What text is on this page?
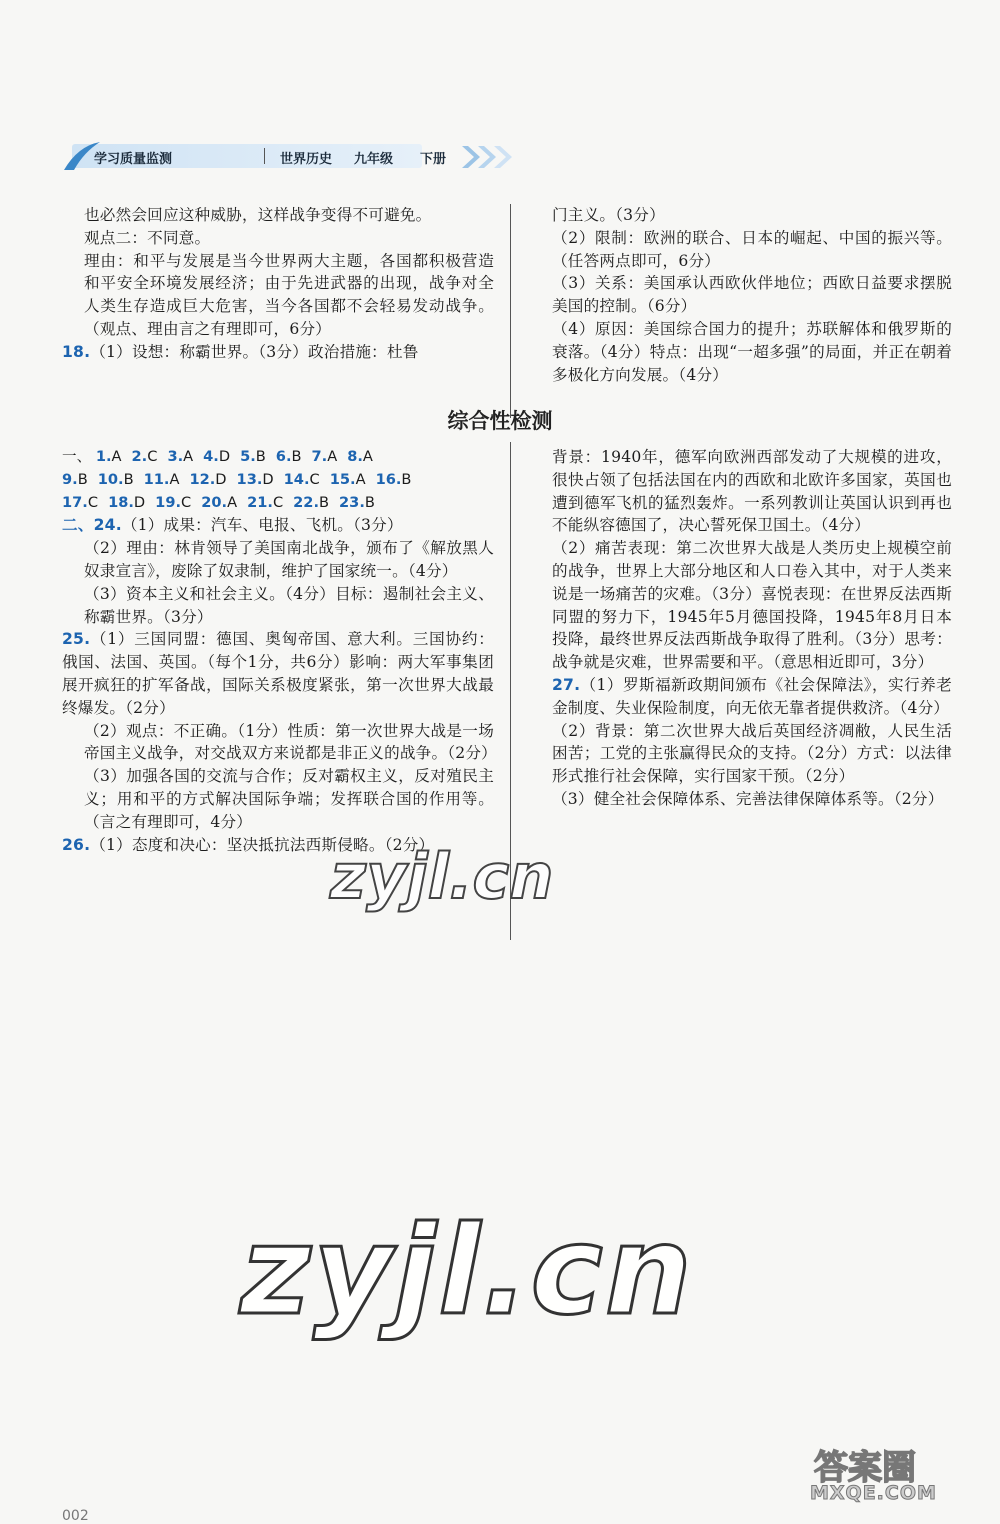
学习质量监测	世界历史 九年级 下册
也必然会回应这种威胁，这样战争变得不可避免。
观点二：不同意。
理由：和平与发展是当今世界两大主题，各国都积极营造和平安全环境发展经济；由于先进武器的出现，战争对全人类生存造成巨大危害，当今各国都不会轻易发动战争。（观点、理由言之有理即可，6分）
18.（1）设想：称霸世界。（3分）政治措施：杜鲁
门主义。（3分）
（2）限制：欧洲的联合、日本的崛起、中国的振兴等。（任答两点即可，6分）
（3）关系：美国承认西欧伙伴地位；西欧日益要求摆脱美国的控制。（6分）
（4）原因：美国综合国力的提升；苏联解体和俄罗斯的衰落。（4分）特点：出现“一超多强”的局面，并正在朝着多极化方向发展。（4分）
综合性检测
一、 1.A 2.C 3.A 4.D 5.B 6.B 7.A 8.A
9.B 10.B 11.A 12.D 13.D 14.C 15.A 16.B
17.C 18.D 19.C 20.A 21.C 22.B 23.B
二、24.（1）成果：汽车、电报、飞机。（3分）
（2）理由：林肯领导了美国南北战争，颁布了《解放黑人奴隶宣言》，废除了奴隶制，维护了国家统一。（4分）
（3）资本主义和社会主义。（4分）目标：遏制社会主义、称霸世界。（3分）
25.（1）三国同盟：德国、奥匈帝国、意大利。三国协约：俄国、法国、英国。（每个1分，共6分）影响：两大军事集团展开疯狂的扩军备战，国际关系极度紧张，第一次世界大战最终爆发。（2分）
（2）观点：不正确。（1分）性质：第一次世界大战是一场帝国主义战争，对交战双方来说都是非正义的战争。（2分）
（3）加强各国的交流与合作；反对霸权主义，反对殖民主义；用和平的方式解决国际争端；发挥联合国的作用等。（言之有理即可，4分）
26.（1）态度和决心：坚决抵抗法西斯侵略。（2分）
背景：1940年，德军向欧洲西部发动了大规模的进攻，很快占领了包括法国在内的西欧和北欧许多国家，英国也遭到德军飞机的猛烈轰炸。一系列教训让英国认识到再也不能纵容德国了，决心誓死保卫国土。（4分）
（2）痛苦表现：第二次世界大战是人类历史上规模空前的战争，世界上大部分地区和人口卷入其中，对于人类来说是一场痛苦的灾难。（3分）喜悦表现：在世界反法西斯同盟的努力下，1945年5月德国投降，1945年8月日本投降，最终世界反法西斯战争取得了胜利。（3分）思考：战争就是灾难，世界需要和平。（意思相近即可，3分）
27.（1）罗斯福新政期间颁布《社会保障法》，实行养老金制度、失业保险制度，向无依无靠者提供救济。（4分）
（2）背景：第二次世界大战后英国经济凋敝，人民生活困苦；工党的主张赢得民众的支持。（2分）方式：以法律形式推行社会保障，实行国家干预。（2分）
（3）健全社会保障体系、完善法律保障体系等。（2分）
zyjl.cn
zyjl.cn
答案圈
MXQE.COM
002
